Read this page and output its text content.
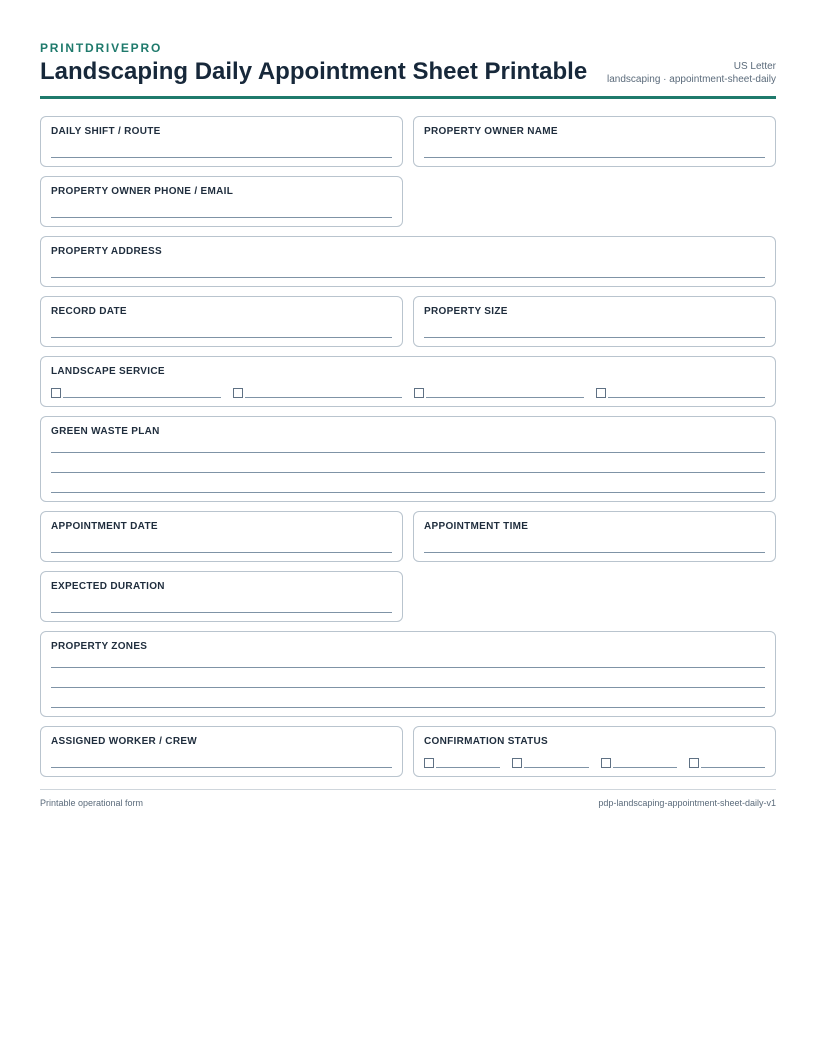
PRINTDRIVEPRO
Landscaping Daily Appointment Sheet Printable	US Letter
landscaping · appointment-sheet-daily
DAILY SHIFT / ROUTE	PROPERTY OWNER NAME
PROPERTY OWNER PHONE / EMAIL
PROPERTY ADDRESS
RECORD DATE	PROPERTY SIZE
LANDSCAPE SERVICE
GREEN WASTE PLAN
APPOINTMENT DATE	APPOINTMENT TIME
EXPECTED DURATION
PROPERTY ZONES
ASSIGNED WORKER / CREW	CONFIRMATION STATUS
Printable operational form	pdp-landscaping-appointment-sheet-daily-v1
